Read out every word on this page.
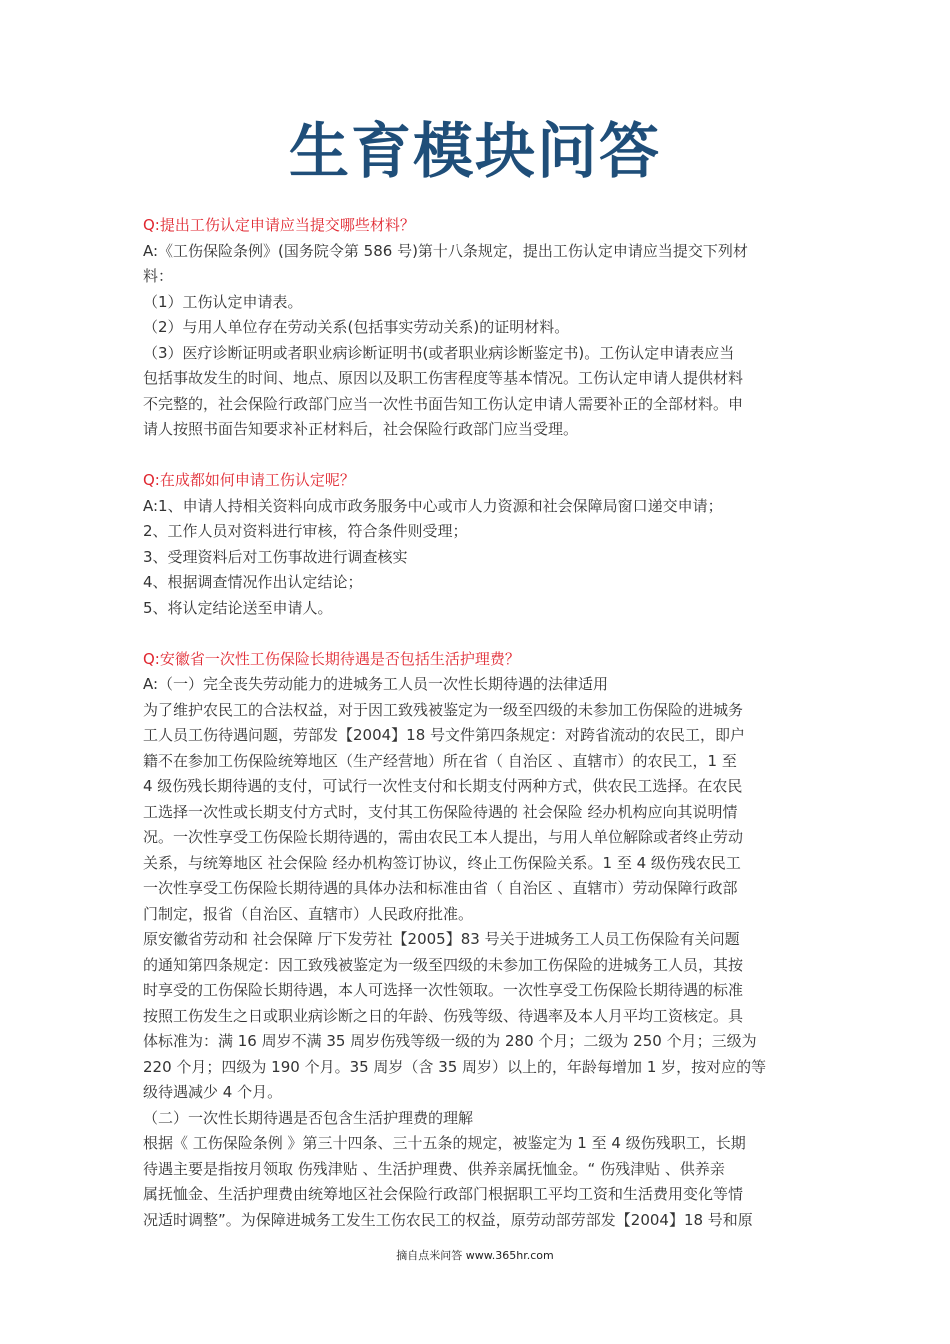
生育模块问答
Q:提出工伤认定申请应当提交哪些材料？
A:《工伤保险条例》(国务院令第 586 号)第十八条规定，提出工伤认定申请应当提交下列材
料：
（1）工伤认定申请表。
（2）与用人单位存在劳动关系(包括事实劳动关系)的证明材料。
（3）医疗诊断证明或者职业病诊断证明书(或者职业病诊断鉴定书)。工伤认定申请表应当
包括事故发生的时间、地点、原因以及职工伤害程度等基本情况。工伤认定申请人提供材料
不完整的，社会保险行政部门应当一次性书面告知工伤认定申请人需要补正的全部材料。申
请人按照书面告知要求补正材料后，社会保险行政部门应当受理。
Q:在成都如何申请工伤认定呢？
A:1、申请人持相关资料向成市政务服务中心或市人力资源和社会保障局窗口递交申请；
2、工作人员对资料进行审核，符合条件则受理；
3、受理资料后对工伤事故进行调查核实
4、根据调查情况作出认定结论；
5、将认定结论送至申请人。
Q:安徽省一次性工伤保险长期待遇是否包括生活护理费？
A:（一）完全丧失劳动能力的进城务工人员一次性长期待遇的法律适用
为了维护农民工的合法权益，对于因工致残被鉴定为一级至四级的未参加工伤保险的进城务
工人员工伤待遇问题，劳部发【2004】18 号文件第四条规定：对跨省流动的农民工，即户
籍不在参加工伤保险统筹地区（生产经营地）所在省（ 自治区 、直辖市）的农民工，1 至
4 级伤残长期待遇的支付，可试行一次性支付和长期支付两种方式，供农民工选择。在农民
工选择一次性或长期支付方式时，支付其工伤保险待遇的 社会保险 经办机构应向其说明情
况。一次性享受工伤保险长期待遇的，需由农民工本人提出，与用人单位解除或者终止劳动
关系，与统筹地区 社会保险 经办机构签订协议，终止工伤保险关系。1 至 4 级伤残农民工
一次性享受工伤保险长期待遇的具体办法和标准由省（ 自治区 、直辖市）劳动保障行政部
门制定，报省（自治区、直辖市）人民政府批准。
原安徽省劳动和 社会保障 厅下发劳社【2005】83 号关于进城务工人员工伤保险有关问题
的通知第四条规定：因工致残被鉴定为一级至四级的未参加工伤保险的进城务工人员，其按
时享受的工伤保险长期待遇，本人可选择一次性领取。一次性享受工伤保险长期待遇的标准
按照工伤发生之日或职业病诊断之日的年龄、伤残等级、待遇率及本人月平均工资核定。具
体标准为：满 16 周岁不满 35 周岁伤残等级一级的为 280 个月；二级为 250 个月；三级为
220 个月；四级为 190 个月。35 周岁（含 35 周岁）以上的，年龄每增加 1 岁，按对应的等
级待遇减少 4 个月。
（二）一次性长期待遇是否包含生活护理费的理解
根据《 工伤保险条例 》第三十四条、三十五条的规定，被鉴定为 1 至 4 级伤残职工，长期
待遇主要是指按月领取 伤残津贴 、生活护理费、供养亲属抚恤金。“ 伤残津贴 、供养亲
属抚恤金、生活护理费由统筹地区社会保险行政部门根据职工平均工资和生活费用变化等情
况适时调整”。为保障进城务工发生工伤农民工的权益，原劳动部劳部发【2004】18 号和原
摘自点米问答 www.365hr.com
